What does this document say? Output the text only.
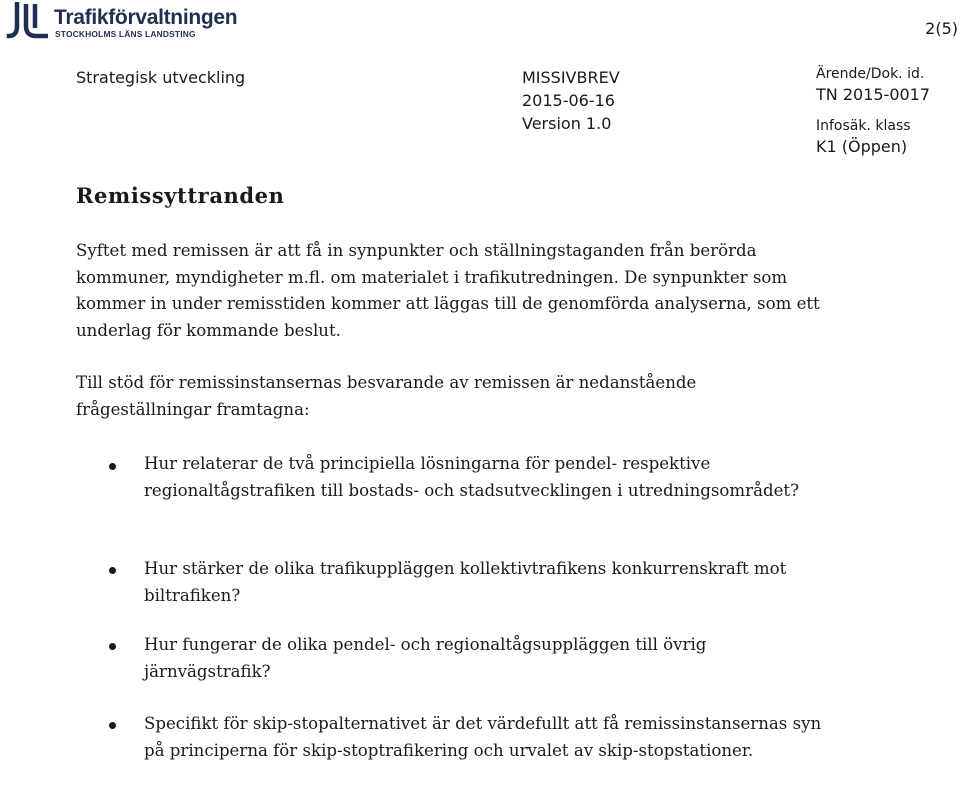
Trafikförvaltningen
STOCKHOLMS LÄNS LANDSTING	2(5)
Strategisk utveckling	MISSIVBREV
2015-06-16
Version 1.0
Ärende/Dok. id.
TN 2015-0017
Infosäk. klass
K1 (Öppen)
Remissyttranden

Syftet med remissen är att få in synpunkter och ställningstaganden från berörda kommuner, myndigheter m.fl. om materialet i trafikutredningen. De synpunkter som kommer in under remisstiden kommer att läggas till de genomförda analyserna, som ett underlag för kommande beslut.

Till stöd för remissinstansernas besvarande av remissen är nedanstående frågeställningar framtagna:

Hur relaterar de två principiella lösningarna för pendel- respektive regionaltågstrafiken till bostads- och stadsutvecklingen i utredningsområdet?

Hur stärker de olika trafikuppläggen kollektivtrafikens konkurrenskraft mot biltrafiken?

Hur fungerar de olika pendel- och regionaltågsuppläggen till övrig järnvägstrafik?

Specifikt för skip-stopalternativet är det värdefullt att få remissinstansernas syn på principerna för skip-stoptrafikering och urvalet av skip-stopstationer.
